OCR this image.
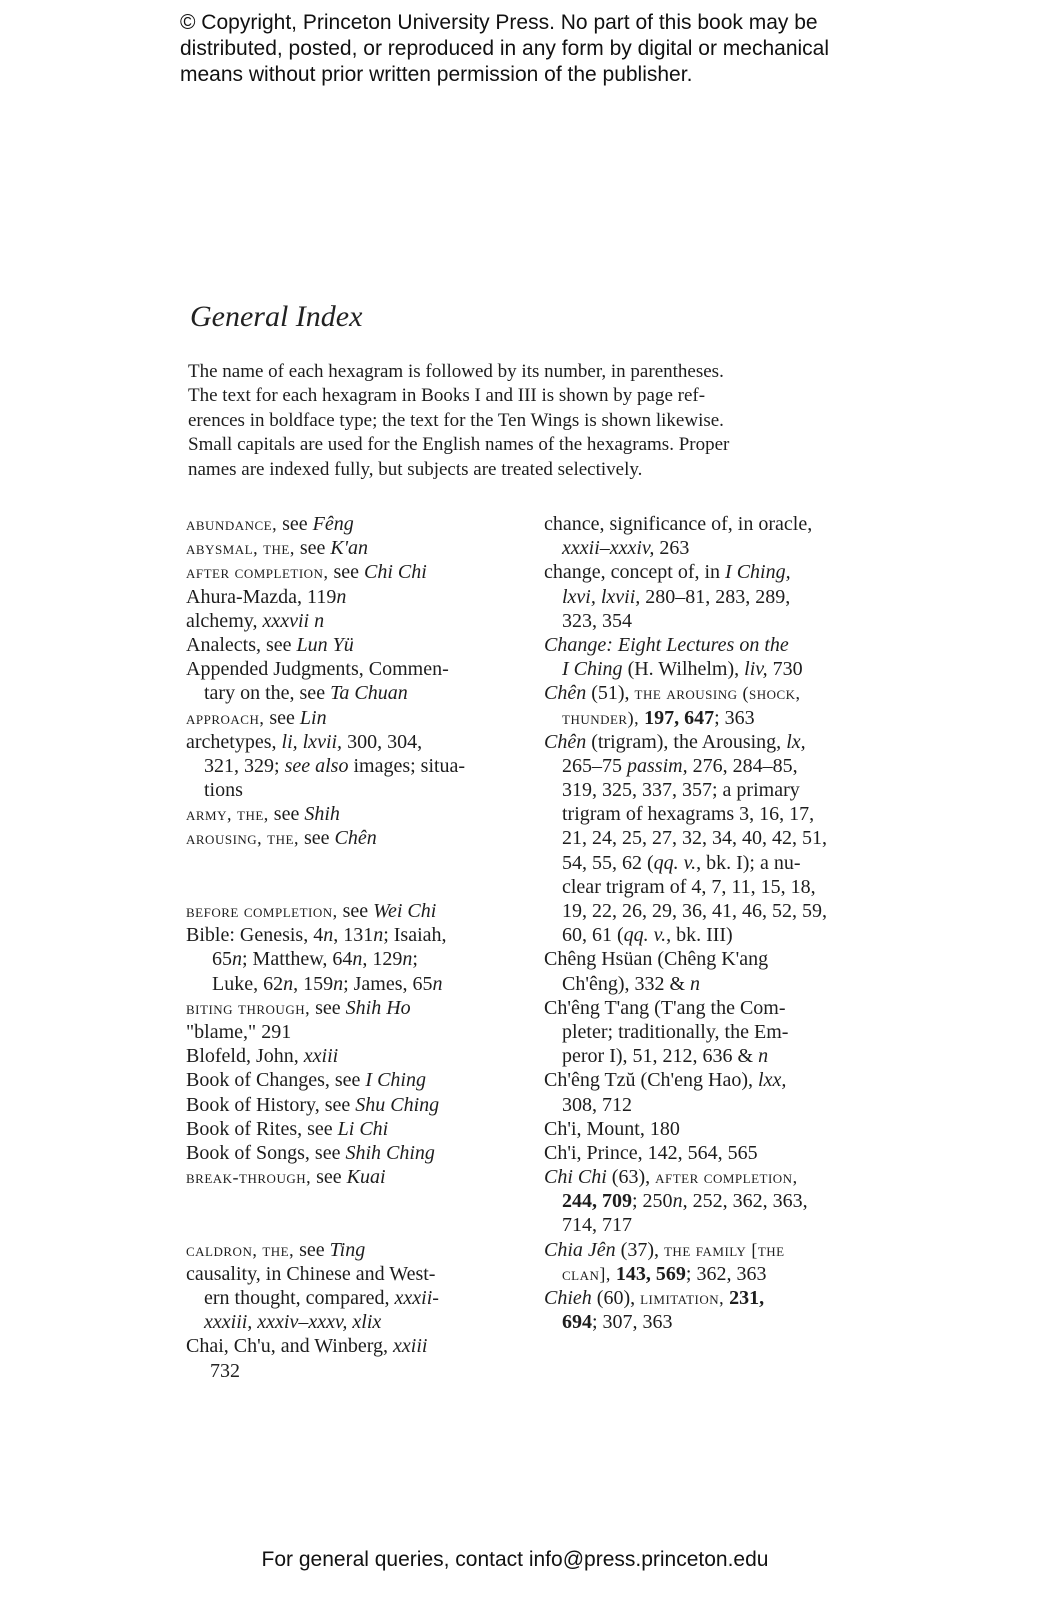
© Copyright, Princeton University Press. No part of this book may be
distributed, posted, or reproduced in any form by digital or mechanical
means without prior written permission of the publisher.
General Index
The name of each hexagram is followed by its number, in parentheses.
The text for each hexagram in Books I and III is shown by page ref-
erences in boldface type; the text for the Ten Wings is shown likewise.
Small capitals are used for the English names of the hexagrams. Proper
names are indexed fully, but subjects are treated selectively.
abundance, see Fêng
abysmal, the, see K'an
after completion, see Chi Chi
Ahura-Mazda, 119n
alchemy, xxxvii n
Analects, see Lun Yü
Appended Judgments, Commen-
tary on the, see Ta Chuan
approach, see Lin
archetypes, li, lxvii, 300, 304,
321, 329; see also images; situa-
tions
army, the, see Shih
arousing, the, see Chên
before completion, see Wei Chi
Bible: Genesis, 4n, 131n; Isaiah,
65n; Matthew, 64n, 129n;
Luke, 62n, 159n; James, 65n
biting through, see Shih Ho
"blame," 291
Blofeld, John, xxiii
Book of Changes, see I Ching
Book of History, see Shu Ching
Book of Rites, see Li Chi
Book of Songs, see Shih Ching
break-through, see Kuai
caldron, the, see Ting
causality, in Chinese and West-
ern thought, compared, xxxii-
xxxiii, xxxiv–xxxv, xlix
Chai, Ch'u, and Winberg, xxiii
chance, significance of, in oracle,
xxxii–xxxiv, 263
change, concept of, in I Ching,
lxvi, lxvii, 280–81, 283, 289,
323, 354
Change: Eight Lectures on the
I Ching (H. Wilhelm), liv, 730
Chên (51), the arousing (shock,
thunder), 197, 647; 363
Chên (trigram), the Arousing, lx,
265–75 passim, 276, 284–85,
319, 325, 337, 357; a primary
trigram of hexagrams 3, 16, 17,
21, 24, 25, 27, 32, 34, 40, 42, 51,
54, 55, 62 (qq. v., bk. I); a nu-
clear trigram of 4, 7, 11, 15, 18,
19, 22, 26, 29, 36, 41, 46, 52, 59,
60, 61 (qq. v., bk. III)
Chêng Hsüan (Chêng K'ang
Ch'êng), 332 & n
Ch'êng T'ang (T'ang the Com-
pleter; traditionally, the Em-
peror I), 51, 212, 636 & n
Ch'êng Tzŭ (Ch'eng Hao), lxx,
308, 712
Ch'i, Mount, 180
Ch'i, Prince, 142, 564, 565
Chi Chi (63), after completion,
244, 709; 250n, 252, 362, 363,
714, 717
Chia Jên (37), the family [the
clan], 143, 569; 362, 363
Chieh (60), limitation, 231,
694; 307, 363
732
For general queries, contact info@press.princeton.edu
